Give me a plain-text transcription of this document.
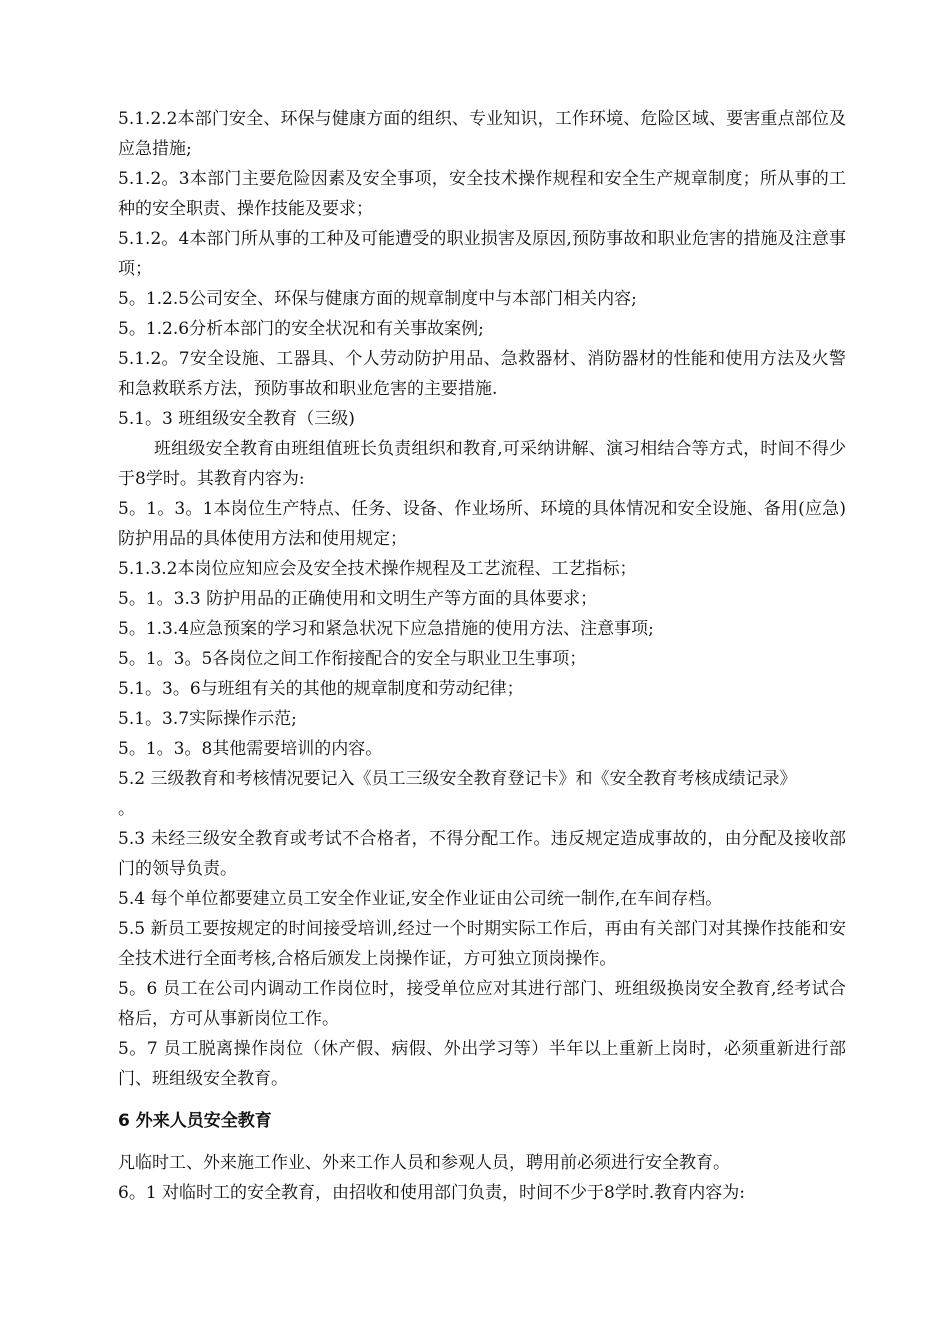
5.1.2.2本部门安全、环保与健康方面的组织、专业知识，工作环境、危险区域、要害重点部位及应急措施;

5.1.2。3本部门主要危险因素及安全事项，安全技术操作规程和安全生产规章制度；所从事的工种的安全职责、操作技能及要求；

5.1.2。4本部门所从事的工种及可能遭受的职业损害及原因,预防事故和职业危害的措施及注意事项；

5。1.2.5公司安全、环保与健康方面的规章制度中与本部门相关内容;

5。1.2.6分析本部门的安全状况和有关事故案例;

5.1.2。7安全设施、工器具、个人劳动防护用品、急救器材、消防器材的性能和使用方法及火警和急救联系方法，预防事故和职业危害的主要措施.

5.1。3 班组级安全教育（三级)

班组级安全教育由班组值班长负责组织和教育,可采纳讲解、演习相结合等方式，时间不得少于8学时。其教育内容为:

5。1。3。1本岗位生产特点、任务、设备、作业场所、环境的具体情况和安全设施、备用(应急)防护用品的具体使用方法和使用规定；

5.1.3.2本岗位应知应会及安全技术操作规程及工艺流程、工艺指标；

5。1。3.3 防护用品的正确使用和文明生产等方面的具体要求；

5。1.3.4应急预案的学习和紧急状况下应急措施的使用方法、注意事项;

5。1。3。5各岗位之间工作衔接配合的安全与职业卫生事项；

5.1。3。6与班组有关的其他的规章制度和劳动纪律；

5.1。3.7实际操作示范;

5。1。3。8其他需要培训的内容。

5.2 三级教育和考核情况要记入《员工三级安全教育登记卡》和《安全教育考核成绩记录》

。

5.3 未经三级安全教育或考试不合格者，不得分配工作。违反规定造成事故的，由分配及接收部门的领导负责。

5.4 每个单位都要建立员工安全作业证,安全作业证由公司统一制作,在车间存档。

5.5 新员工要按规定的时间接受培训,经过一个时期实际工作后，再由有关部门对其操作技能和安全技术进行全面考核,合格后颁发上岗操作证，方可独立顶岗操作。

5。6 员工在公司内调动工作岗位时，接受单位应对其进行部门、班组级换岗安全教育,经考试合格后，方可从事新岗位工作。

5。7 员工脱离操作岗位（休产假、病假、外出学习等）半年以上重新上岗时，必须重新进行部门、班组级安全教育。

6 外来人员安全教育

凡临时工、外来施工作业、外来工作人员和参观人员，聘用前必须进行安全教育。

6。1 对临时工的安全教育，由招收和使用部门负责，时间不少于8学时.教育内容为:
